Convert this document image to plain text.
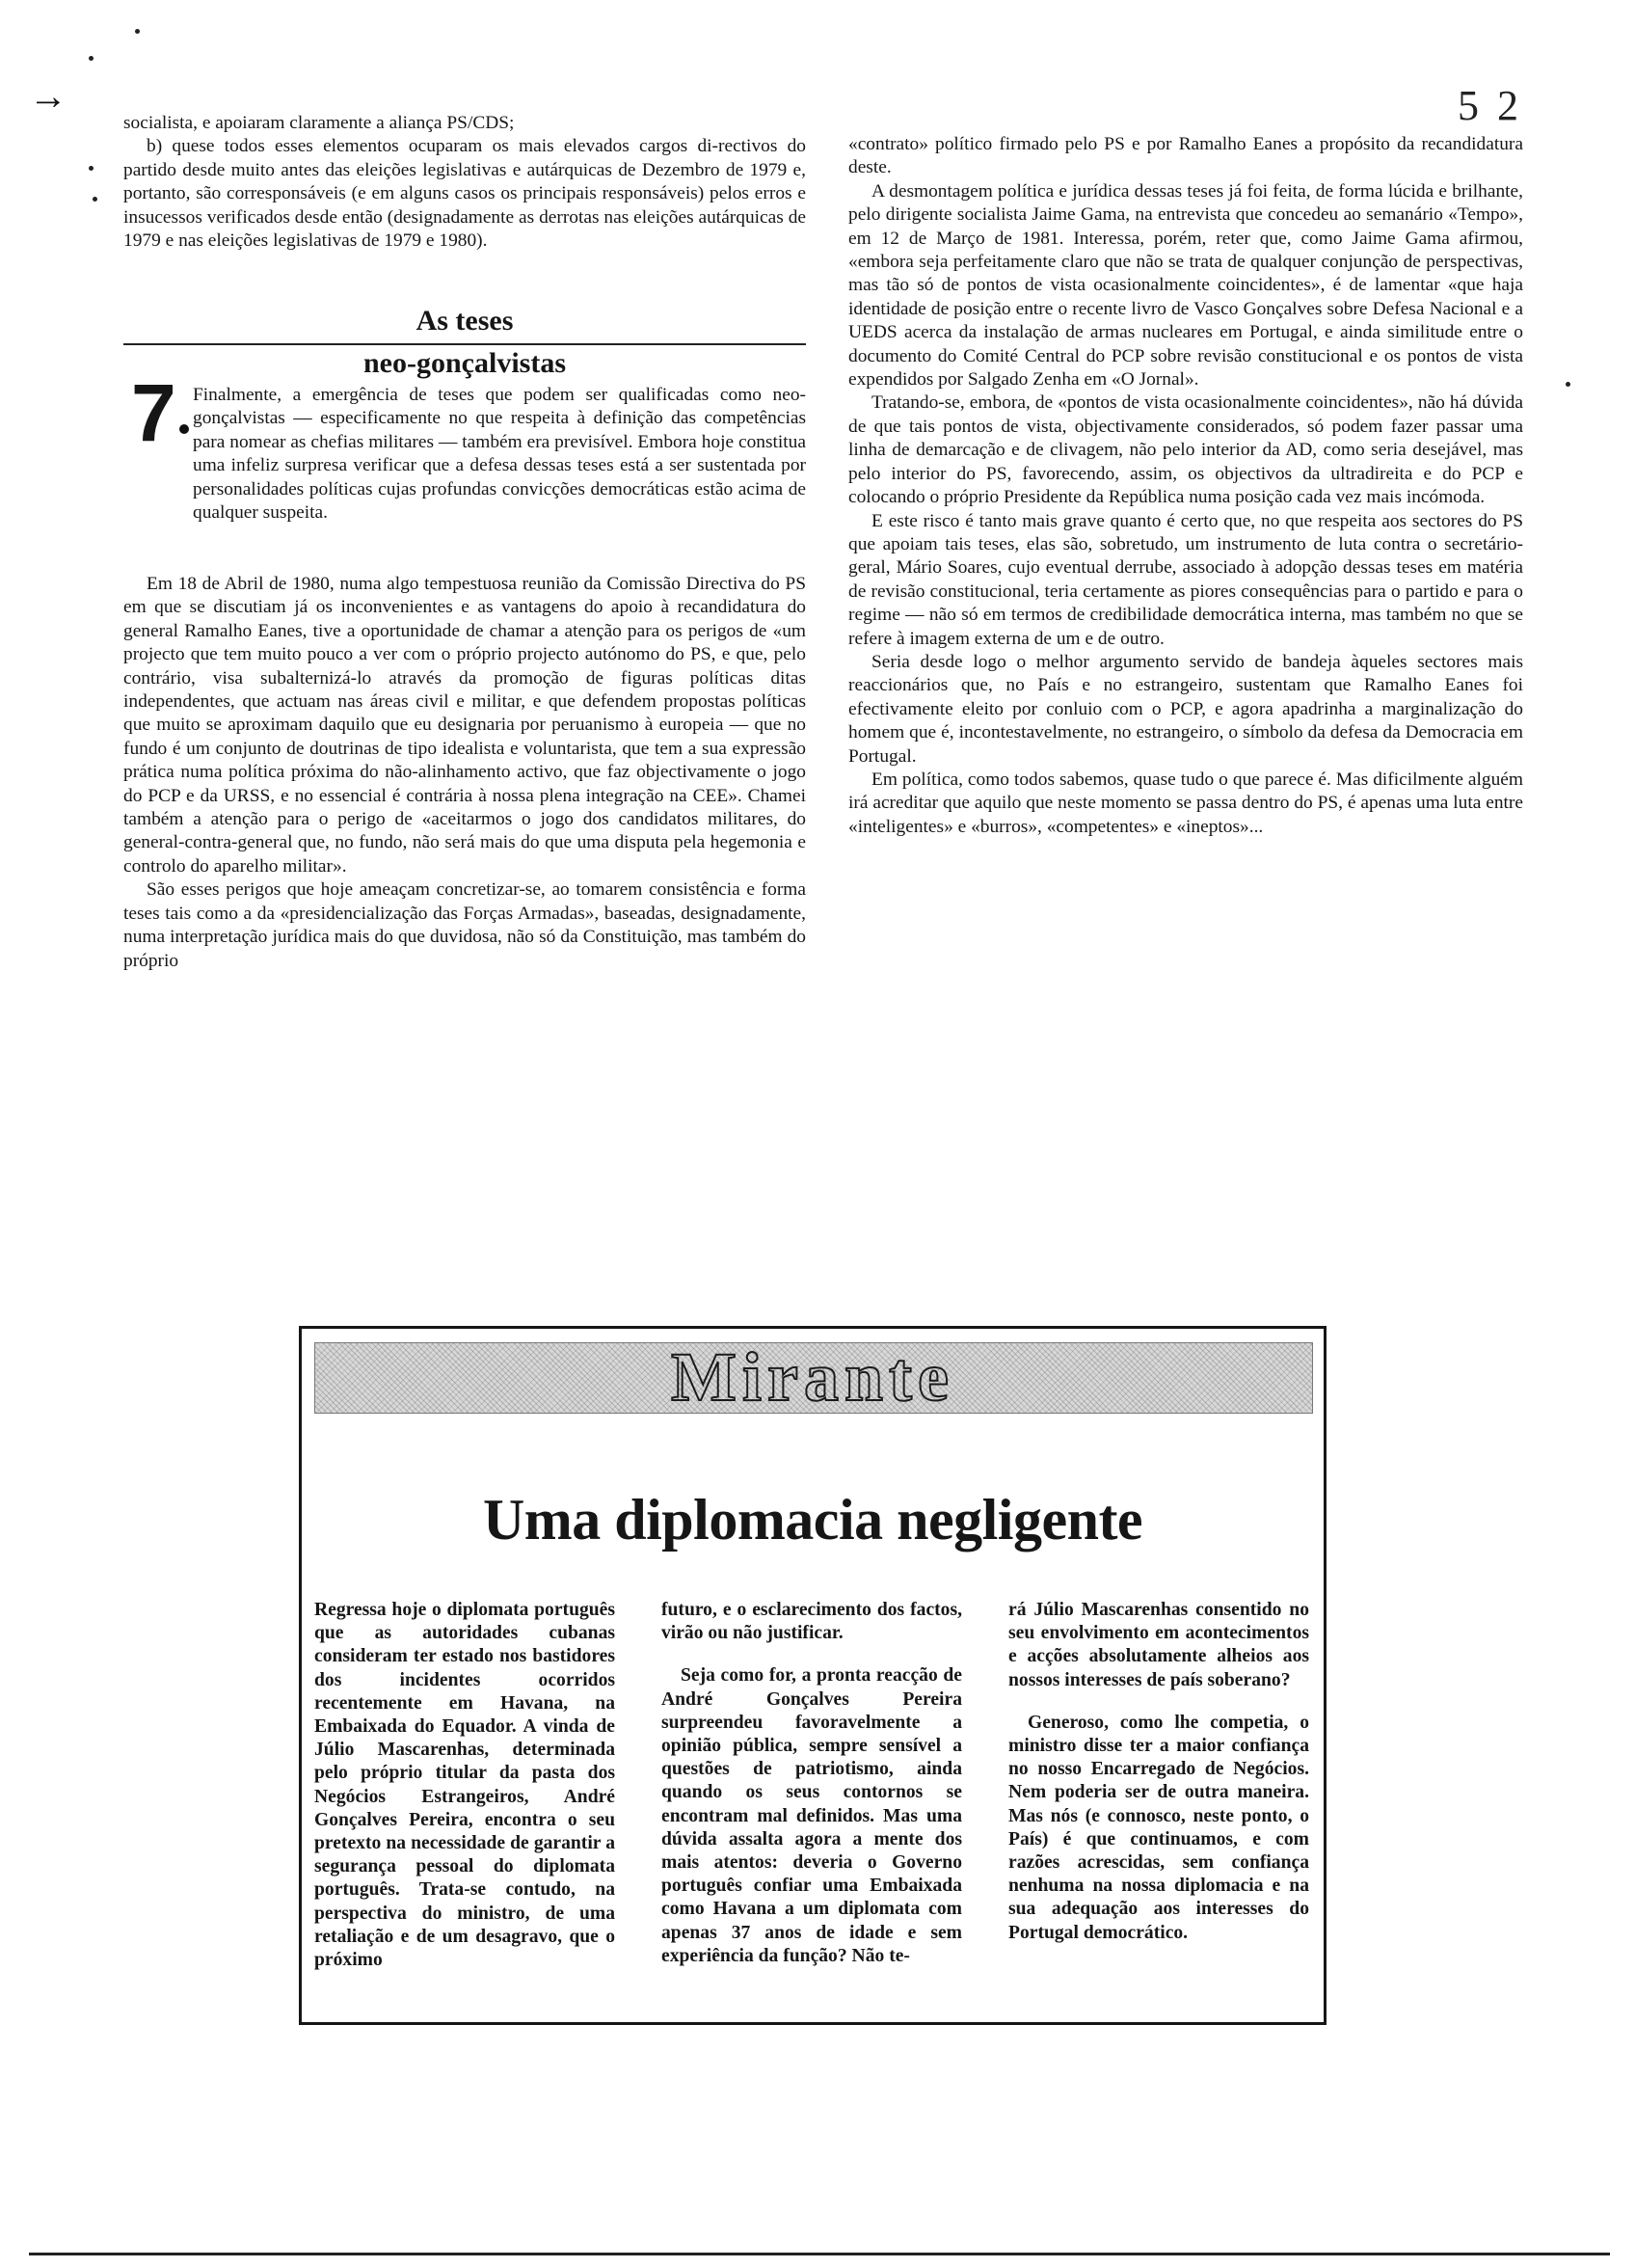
→	5 2

socialista, e apoiaram claramente a aliança PS/CDS;

b) quese todos esses elementos ocuparam os mais elevados cargos di-rectivos do partido desde muito antes das eleições legislativas e autárquicas de Dezembro de 1979 e, portanto, são corresponsáveis (e em alguns casos os principais responsáveis) pelos erros e insucessos verificados desde então (designadamente as derrotas nas eleições autárquicas de 1979 e nas eleições legislativas de 1979 e 1980).

As teses
neo-gonçalvistas
7 Finalmente, a emergência de teses que podem ser qualificadas como neo-gonçalvistas — especificamente no que respeita à definição das competências para nomear as chefias militares — também era previsível. Embora hoje constitua uma infeliz surpresa verificar que a defesa dessas teses está a ser sustentada por personalidades políticas cujas profundas convicções democráticas estão acima de qualquer suspeita.

Em 18 de Abril de 1980, numa algo tempestuosa reunião da Comissão Directiva do PS em que se discutiam já os inconvenientes e as vantagens do apoio à recandidatura do general Ramalho Eanes, tive a oportunidade de chamar a atenção para os perigos de «um projecto que tem muito pouco a ver com o próprio projecto autónomo do PS, e que, pelo contrário, visa subalternizá-lo através da promoção de figuras políticas ditas independentes, que actuam nas áreas civil e militar, e que defendem propostas políticas que muito se aproximam daquilo que eu designaria por peruanismo à europeia — que no fundo é um conjunto de doutrinas de tipo idealista e voluntarista, que tem a sua expressão prática numa política próxima do não-alinhamento activo, que faz objectivamente o jogo do PCP e da URSS, e no essencial é contrária à nossa plena integração na CEE». Chamei também a atenção para o perigo de «aceitarmos o jogo dos candidatos militares, do general-contra-general que, no fundo, não será mais do que uma disputa pela hegemonia e controlo do aparelho militar».

São esses perigos que hoje ameaçam concretizar-se, ao tomarem consistência e forma teses tais como a da «presidencialização das Forças Armadas», baseadas, designadamente, numa interpretação jurídica mais do que duvidosa, não só da Constituição, mas também do próprio

«contrato» político firmado pelo PS e por Ramalho Eanes a propósito da recandidatura deste.

A desmontagem política e jurídica dessas teses já foi feita, de forma lúcida e brilhante, pelo dirigente socialista Jaime Gama, na entrevista que concedeu ao semanário «Tempo», em 12 de Março de 1981. Interessa, porém, reter que, como Jaime Gama afirmou, «embora seja perfeitamente claro que não se trata de qualquer conjunção de perspectivas, mas tão só de pontos de vista ocasionalmente coincidentes», é de lamentar «que haja identidade de posição entre o recente livro de Vasco Gonçalves sobre Defesa Nacional e a UEDS acerca da instalação de armas nucleares em Portugal, e ainda similitude entre o documento do Comité Central do PCP sobre revisão constitucional e os pontos de vista expendidos por Salgado Zenha em «O Jornal».

Tratando-se, embora, de «pontos de vista ocasionalmente coincidentes», não há dúvida de que tais pontos de vista, objectivamente considerados, só podem fazer passar uma linha de demarcação e de clivagem, não pelo interior da AD, como seria desejável, mas pelo interior do PS, favorecendo, assim, os objectivos da ultradireita e do PCP e colocando o próprio Presidente da República numa posição cada vez mais incómoda.

E este risco é tanto mais grave quanto é certo que, no que respeita aos sectores do PS que apoiam tais teses, elas são, sobretudo, um instrumento de luta contra o secretário-geral, Mário Soares, cujo eventual derrube, associado à adopção dessas teses em matéria de revisão constitucional, teria certamente as piores consequências para o partido e para o regime — não só em termos de credibilidade democrática interna, mas também no que se refere à imagem externa de um e de outro.

Seria desde logo o melhor argumento servido de bandeja àqueles sectores mais reaccionários que, no País e no estrangeiro, sustentam que Ramalho Eanes foi efectivamente eleito por conluio com o PCP, e agora apadrinha a marginalização do homem que é, incontestavelmente, no estrangeiro, o símbolo da defesa da Democracia em Portugal.

Em política, como todos sabemos, quase tudo o que parece é. Mas dificilmente alguém irá acreditar que aquilo que neste momento se passa dentro do PS, é apenas uma luta entre «inteligentes» e «burros», «competentes» e «ineptos»...

Mirante
Uma diplomacia negligente

Regressa hoje o diplomata português que as autoridades cubanas consideram ter estado nos bastidores dos incidentes ocorridos recentemente em Havana, na Embaixada do Equador. A vinda de Júlio Mascarenhas, determinada pelo próprio titular da pasta dos Negócios Estrangeiros, André Gonçalves Pereira, encontra o seu pretexto na necessidade de garantir a segurança pessoal do diplomata português. Trata-se contudo, na perspectiva do ministro, de uma retaliação e de um desagravo, que o próximo

futuro, e o esclarecimento dos factos, virão ou não justificar.

Seja como for, a pronta reacção de André Gonçalves Pereira surpreendeu favoravelmente a opinião pública, sempre sensível a questões de patriotismo, ainda quando os seus contornos se encontram mal definidos. Mas uma dúvida assalta agora a mente dos mais atentos: deveria o Governo português confiar uma Embaixada como Havana a um diplomata com apenas 37 anos de idade e sem experiência da função? Não te-

rá Júlio Mascarenhas consentido no seu envolvimento em acontecimentos e acções absolutamente alheios aos nossos interesses de país soberano?

Generoso, como lhe competia, o ministro disse ter a maior confiança no nosso Encarregado de Negócios. Nem poderia ser de outra maneira. Mas nós (e connosco, neste ponto, o País) é que continuamos, e com razões acrescidas, sem confiança nenhuma na nossa diplomacia e na sua adequação aos interesses do Portugal democrático.
